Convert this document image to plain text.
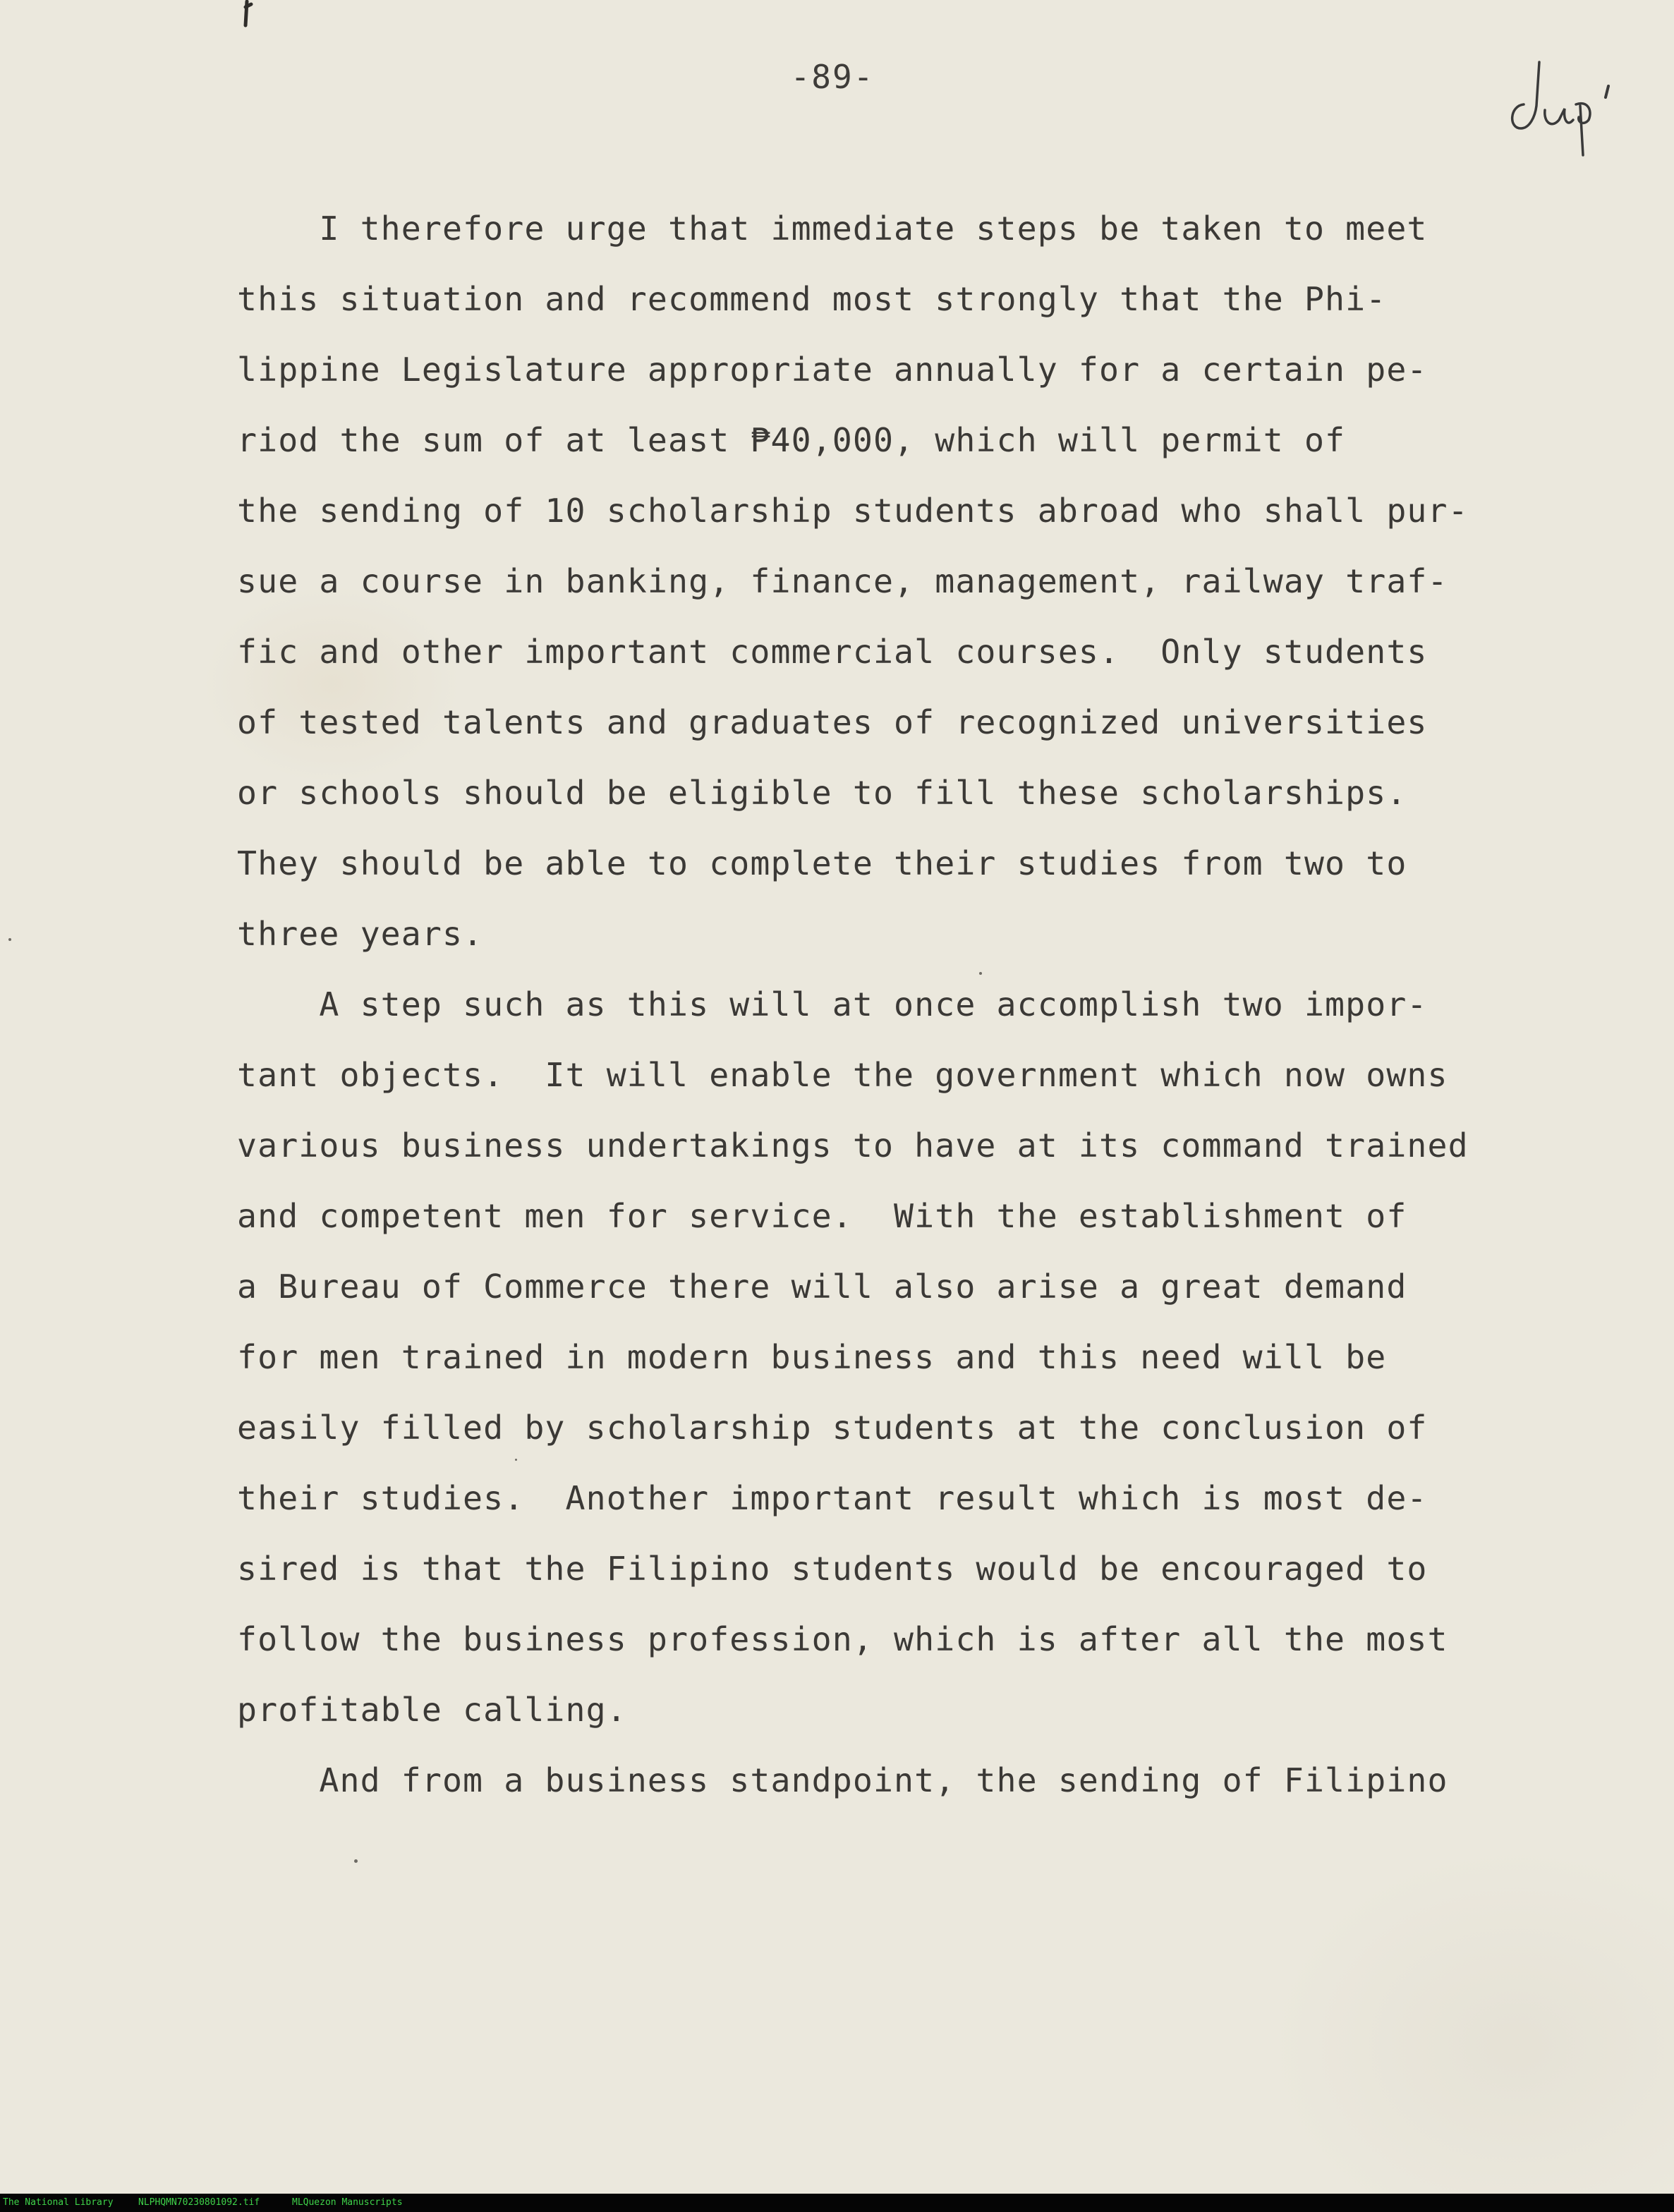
-89-
I therefore urge that immediate steps be taken to meet
this situation and recommend most strongly that the Phi-
lippine Legislature appropriate annually for a certain pe-
riod the sum of at least ₱40,000, which will permit of
the sending of 10 scholarship students abroad who shall pur-
sue a course in banking, finance, management, railway traf-
fic and other important commercial courses.  Only students
of tested talents and graduates of recognized universities
or schools should be eligible to fill these scholarships.
They should be able to complete their studies from two to
three years.
A step such as this will at once accomplish two impor-
tant objects.  It will enable the government which now owns
various business undertakings to have at its command trained
and competent men for service.  With the establishment of
a Bureau of Commerce there will also arise a great demand
for men trained in modern business and this need will be
easily filled by scholarship students at the conclusion of
their studies.  Another important result which is most de-
sired is that the Filipino students would be encouraged to
follow the business profession, which is after all the most
profitable calling.
And from a business standpoint, the sending of Filipino
The National Library	NLPHQMN70230801092.tif	MLQuezon Manuscripts
